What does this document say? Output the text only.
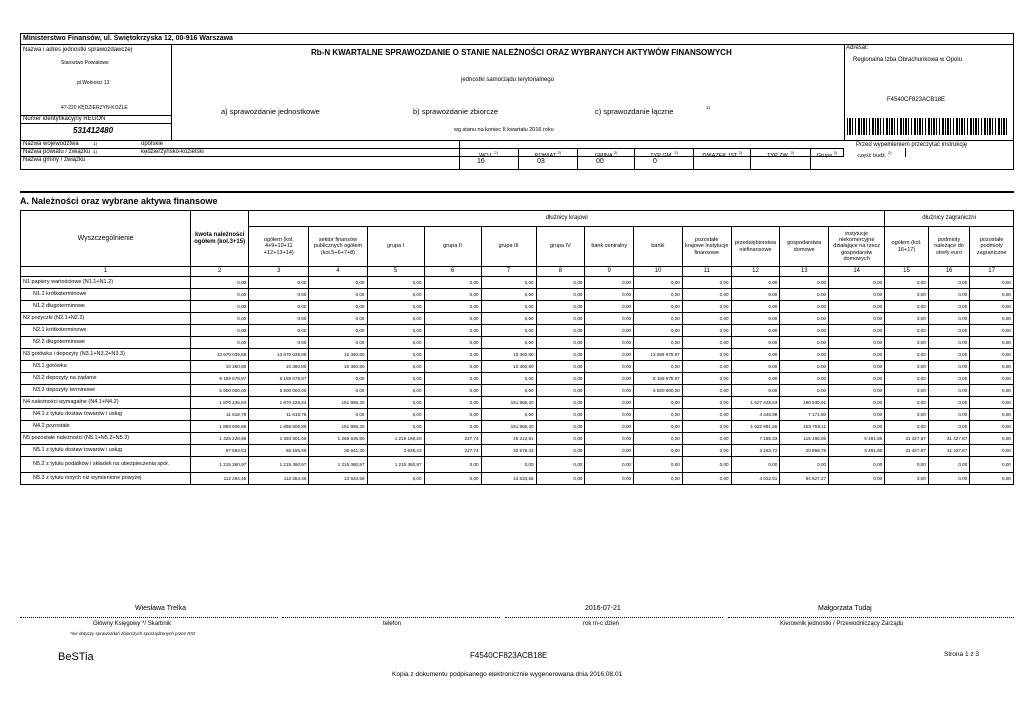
Ministerstwo Finansów, ul. Świętokrzyska 12, 00-916 Warszawa
Nazwa i adres jednostki sprawozdawczej
Starostwo Powiatowe
pl.Wolności 13
47-220 KĘDZIERZYN-KOŹLE
Rb-N KWARTALNE SPRAWOZDANIE O STANIE NALEŻNOŚCI ORAZ WYBRANYCH AKTYWÓW FINANSOWYCH
jednostki samorządu terytorialnego
a) sprawozdanie jednostkowe	b) sprawozdanie zbiorcze	c) sprawozdanie łączne	1)
Numer identyfikacyjny REGON
531412480	wg stanu na koniec II kwartału 2016 roku
Adresat:
Regionalna Izba Obrachunkowa w Opolu
F4540CF823ACB18E
Nazwa województwa	1)	opolskie
Nazwa powiatu / związku 1)	kędzierzyńsko-kozielski
Nazwa gminy / związku
Przed wypełnieniem przeczytać instrukcję
WOJ. $^{2)}$
16
POWIAT $^{2)}$
03
GMINA $^{2)}$
00
TYP GM. $^{2)}$
0
ZWIĄZEK JST $^{2)}$
TYP ZW. $^{2)}$
Grupa $^{2)}$
część budż. $^{2)}$
A. Należności oraz wybrane aktywa finansowe
Wyszczególnienie	kwota należności ogółem (kol.3+15)	dłużnicy krajowi												dłużnicy zagraniczni		
		ogółem (kol. 4+9+10+11 +12+13+14)	sektor finansów publicznych ogółem (kol.5+6+7+8)	grupa I	grupa II	grupa III	grupa IV	bank centralny	banki	pozostałe krajowe instytucje finansowe	przedsiębiorstwa niefinansowe	gospodarstwa domowe	instytucje niekomercyjne działające na rzecz gospodarstw domowych	ogółem (kol. 16+17)	podmioty należące do strefy euro	pozostałe podmioty zagraniczne
1	2	3	4	5	6	7	8	9	10	11	12	13	14	15	16	17
N1 papiery wartościowe (N1.1+N1.2)	0,00	0,00	0,00	0,00	0,00	0,00	0,00	0,00	0,00	0,00	0,00	0,00	0,00	0,00	0,00	0,00
N1.1 krótkoterminowe	0,00	0,00	0,00	0,00	0,00	0,00	0,00	0,00	0,00	0,00	0,00	0,00	0,00	0,00	0,00	0,00
N1.2 długoterminowe	0,00	0,00	0,00	0,00	0,00	0,00	0,00	0,00	0,00	0,00	0,00	0,00	0,00	0,00	0,00	0,00
N2 pożyczki (N2.1+N2.2)	0,00	0,00	0,00	0,00	0,00	0,00	0,00	0,00	0,00	0,00	0,00	0,00	0,00	0,00	0,00	0,00
N2.1 krótkoterminowe	0,00	0,00	0,00	0,00	0,00	0,00	0,00	0,00	0,00	0,00	0,00	0,00	0,00	0,00	0,00	0,00
N2.2 długoterminowe	0,00	0,00	0,00	0,00	0,00	0,00	0,00	0,00	0,00	0,00	0,00	0,00	0,00	0,00	0,00	0,00
N3 gotówka i depozyty (N3.1+N3.2+N3.3)	13 670 039,88	13 670 039,88	10 360,80	0,00	0,00	10 360,80	0,00	0,00	13 659 678,97	0,00	0,00	0,00	0,00	0,00	0,00	0,00
N3.1 gotówka	10 360,80	10 360,80	10 360,80	0,00	0,00	10 360,80	0,00	0,00	0,00	0,00	0,00	0,00	0,00	0,00	0,00	0,00
N3.2 depozyty na żądanie	8 159 678,97	8 159 678,97	0,00	0,00	0,00	0,00	0,00	0,00	8 159 678,97	0,00	0,00	0,00	0,00	0,00	0,00	0,00
N3.3 depozyty terminowe	5 500 000,00	5 500 000,00	0,00	0,00	0,00	0,00	0,00	0,00	5 500 000,00	0,00	0,00	0,00	0,00	0,00	0,00	0,00
N4 należności wymagalne (N4.1+N4.2)	1 870 225,64	1 870 225,64	151 866,20	0,00	0,00	151 866,20	0,00	0,00	0,00	0,00	1 527 428,53	190 930,91	0,00	0,00	0,00	0,00
N4.1 z tytułu dostaw towarów i usług	11 618,78	11 618,78	0,00	0,00	0,00	0,00	0,00	0,00	0,00	0,00	4 446,98	7 171,80	0,00	0,00	0,00	0,00
N4.2 pozostałe	1 858 606,86	1 858 606,86	151 866,20	0,00	0,00	151 866,20	0,00	0,00	0,00	0,00	1 522 981,55	183 759,11	0,00	0,00	0,00	0,00
N5 pozostałe należności (N5.1+N5.2+N5.3)	1 425 228,96	1 393 801,09	1 265 636,80	1 219 196,20	227,74	46 212,81	0,00	0,00	0,00	0,00	7 186,33	115 486,05	5 491,86	31 427,87	31 427,87	0,00
N5.1 z tytułu dostaw towarów i usług	97 583,53	66 155,66	36 641,30	3 835,23	227,74	32 578,33	0,00	0,00	0,00	0,00	3 163,72	20 858,78	5 491,86	31 427,87	31 427,87	0,00
N5.2 z tytułu podatków i składek na ubezpieczenia społ.	1 215 360,97	1 215 360,97	1 215 360,97	1 215 360,97	0,00	0,00	0,00	0,00	0,00	0,00	0,00	0,00	0,00	0,00	0,00	0,00
N5.3 z tytułu innych niż wymienione powyżej	112 284,46	112 284,46	13 634,58	0,00	0,00	13 634,58	0,00	0,00	0,00	0,00	4 022,61	94 627,27	0,00	0,00	0,00	0,00
Wiesława Trelka
Główny Księgowy */ Skarbnik
*nie dotyczy sprawozdań zbiorczych sporządzonych przez RIO
telefon
2016-07-21
rok m-c dzień
Małgorzata Tudaj
Kierownik jednostki / Przewodniczący Zarządu
BeSTia	F4540CF823ACB18E	Strona 1 z 3
Kopia z dokumentu podpisanego elektronicznie wygenerowana dnia 2016.08.01
